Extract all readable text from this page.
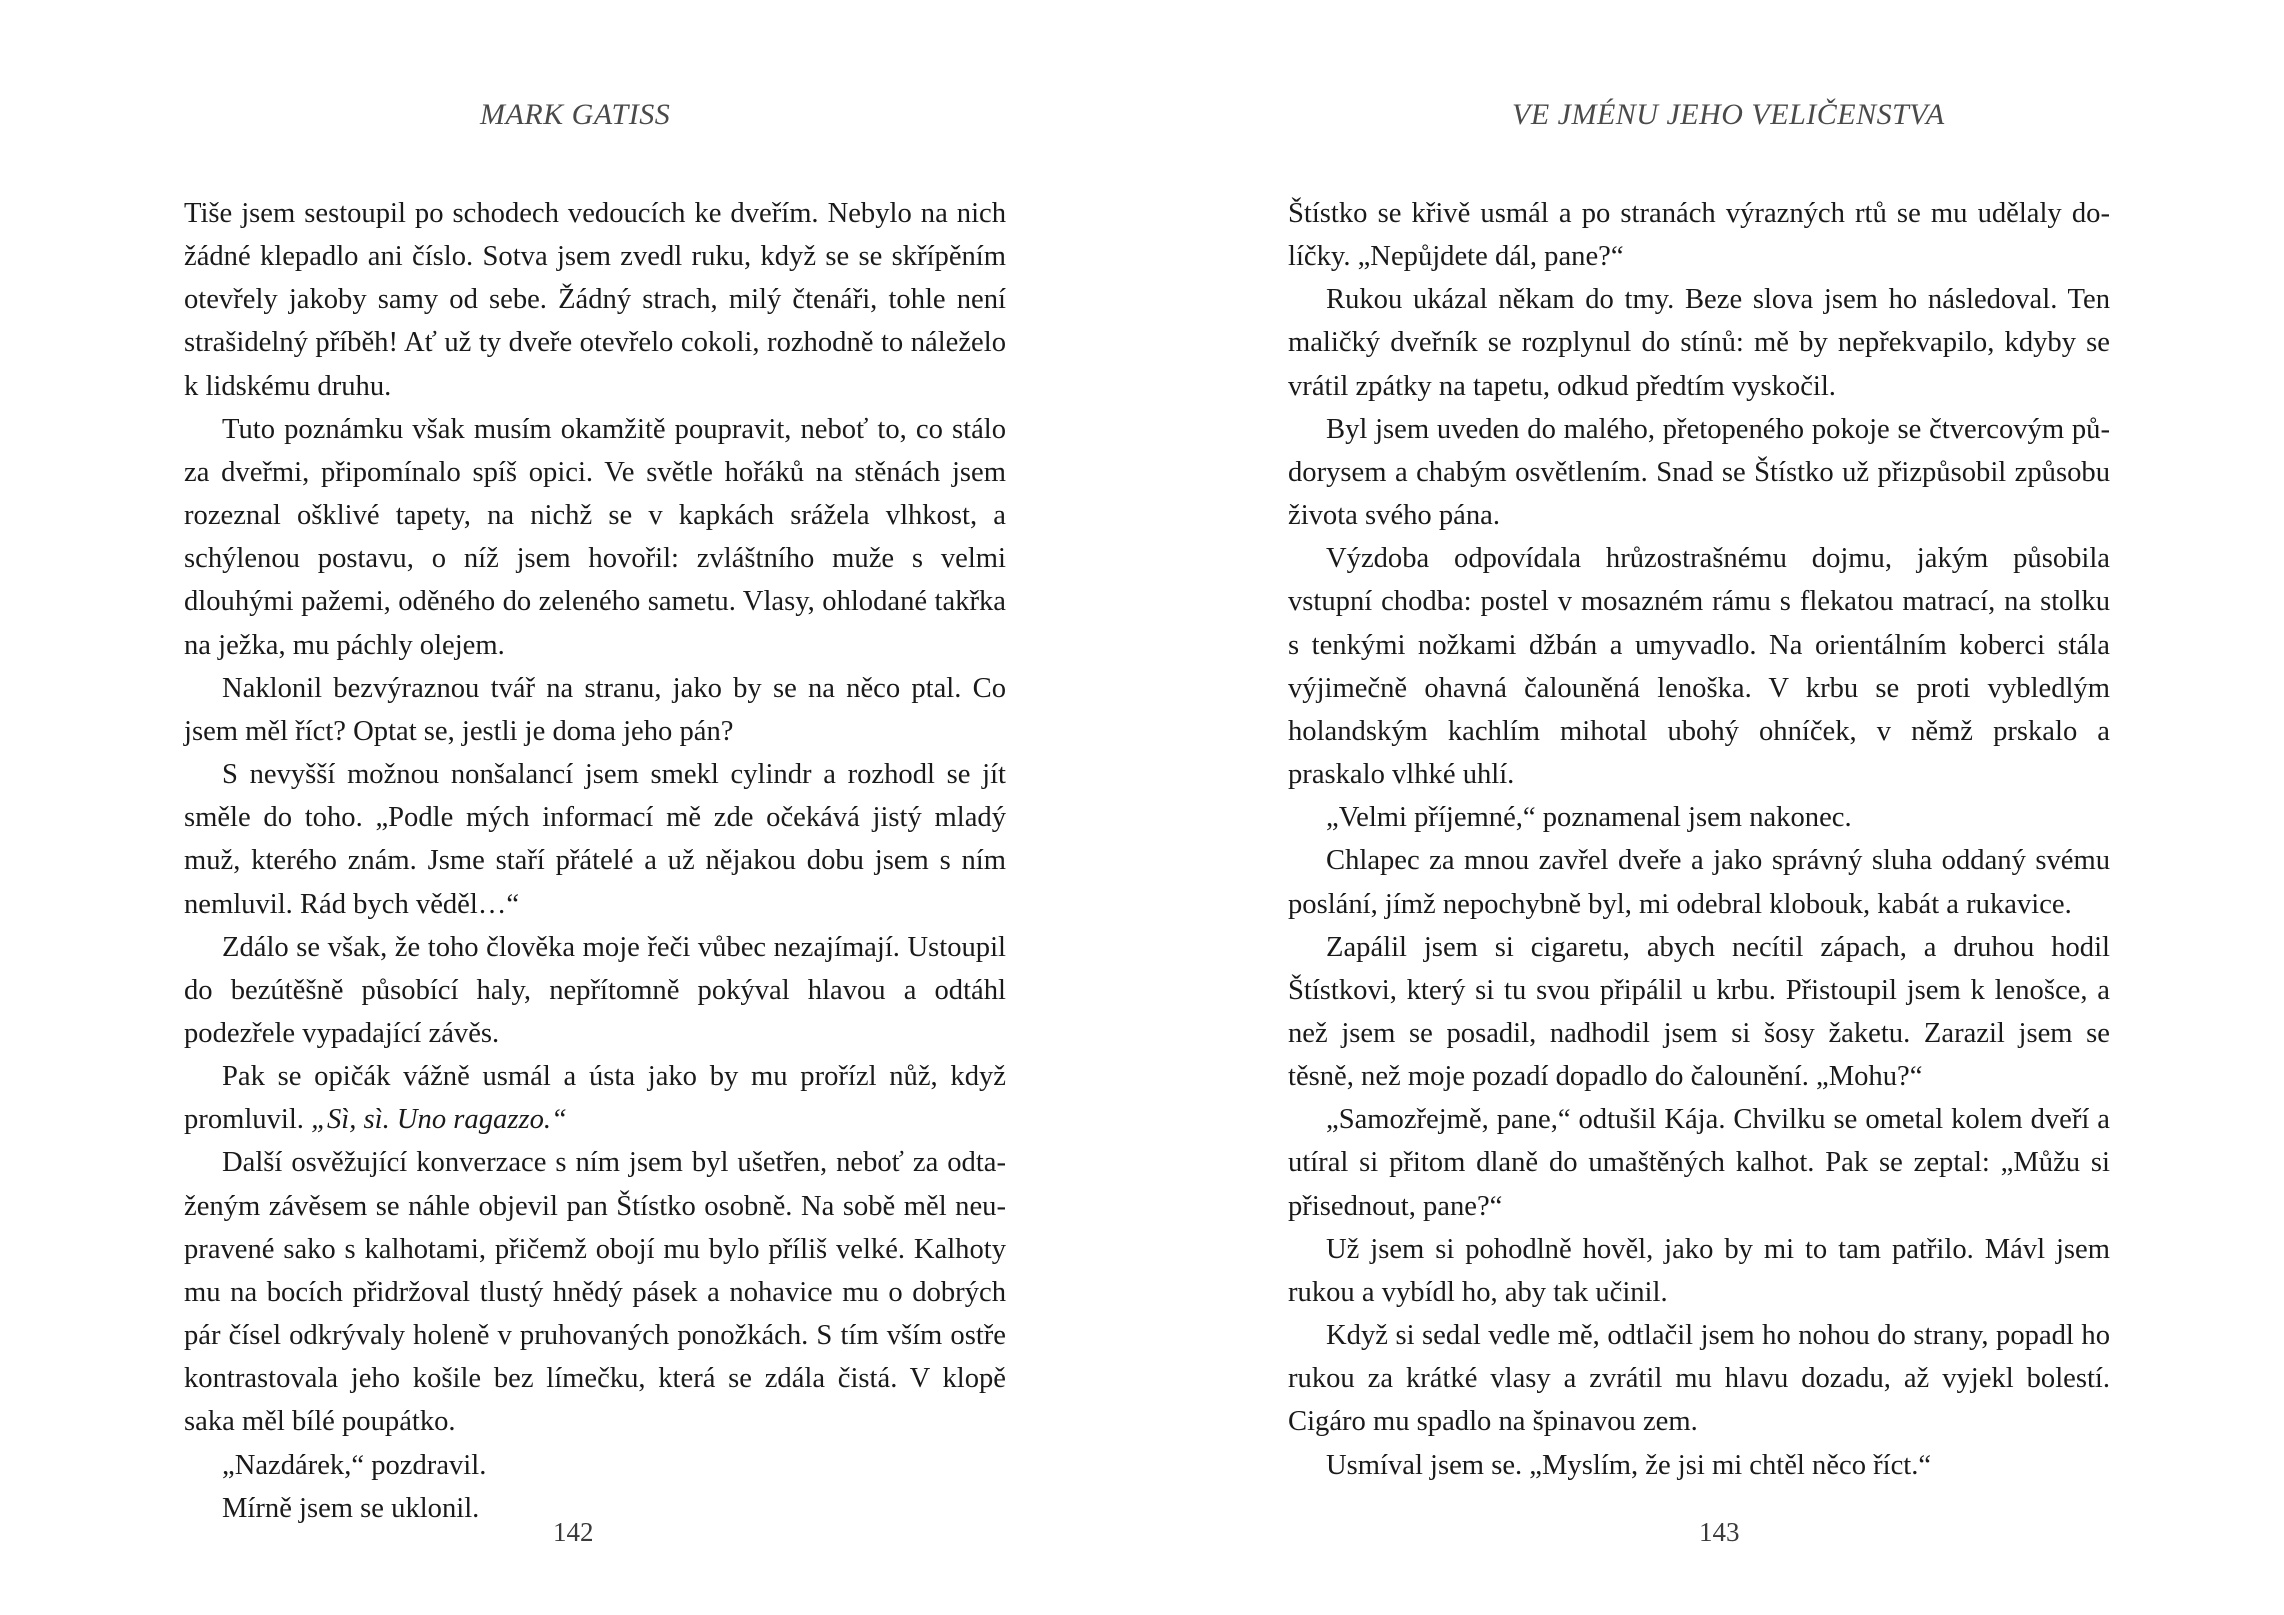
MARK GATISS

Tiše jsem sestoupil po schodech vedoucích ke dveřím. Nebylo na nich žádné klepadlo ani číslo. Sotva jsem zvedl ruku, když se se skřípěním otevřely jakoby samy od sebe. Žádný strach, milý čtenáři, tohle není strašidelný příběh! Ať už ty dveře otevřelo cokoli, rozhodně to náleželo k lidskému druhu.

Tuto poznámku však musím okamžitě poupravit, neboť to, co stálo za dveřmi, připomínalo spíš opici. Ve světle hořáků na stěnách jsem rozeznal ošklivé tapety, na nichž se v kapkách srážela vlhkost, a schýlenou postavu, o níž jsem hovořil: zvláštního muže s velmi dlouhými pažemi, oděného do zeleného sametu. Vlasy, ohlodané takřka na ježka, mu páchly olejem.

Naklonil bezvýraznou tvář na stranu, jako by se na něco ptal. Co jsem měl říct? Optat se, jestli je doma jeho pán?

S nevyšší možnou nonšalancí jsem smekl cylindr a rozhodl se jít směle do toho. „Podle mých informací mě zde očekává jistý mladý muž, kterého znám. Jsme staří přátelé a už nějakou dobu jsem s ním nemluvil. Rád bych věděl…“

Zdálo se však, že toho člověka moje řeči vůbec nezajímají. Ustoupil do bezútěšně působící haly, nepřítomně pokýval hlavou a odtáhl podezřele vypadající závěs.

Pak se opičák vážně usmál a ústa jako by mu prořízl nůž, když promluvil. „Sì, sì. Uno ragazzo.“

Další osvěžující konverzace s ním jsem byl ušetřen, neboť za odtaženým závěsem se náhle objevil pan Štístko osobně. Na sobě měl neupravené sako s kalhotami, přičemž obojí mu bylo příliš velké. Kalhoty mu na bocích přidržoval tlustý hnědý pásek a nohavice mu o dobrých pár čísel odkrývaly holeně v pruhovaných ponožkách. S tím vším ostře kontrastovala jeho košile bez límečku, která se zdála čistá. V klopě saka měl bílé poupátko.

„Nazdárek,“ pozdravil.

Mírně jsem se uklonil.

142
VE JMÉNU JEHO VELIČENSTVA

Štístko se křivě usmál a po stranách výrazných rtů se mu udělaly dolíčky. „Nepůjdete dál, pane?“

Rukou ukázal někam do tmy. Beze slova jsem ho následoval. Ten maličký dveřník se rozplynul do stínů: mě by nepřekvapilo, kdyby se vrátil zpátky na tapetu, odkud předtím vyskočil.

Byl jsem uveden do malého, přetopeného pokoje se čtvercovým půdorysem a chabým osvětlením. Snad se Štístko už přizpůsobil způsobu života svého pána.

Výzdoba odpovídala hrůzostrašnému dojmu, jakým působila vstupní chodba: postel v mosazném rámu s flekatou matrací, na stolku s tenkými nožkami džbán a umyvadlo. Na orientálním koberci stála výjimečně ohavná čalouněná lenoška. V krbu se proti vybledlým holandským kachlím mihotal ubohý ohníček, v němž prskalo a praskalo vlhké uhlí.

„Velmi příjemné,“ poznamenal jsem nakonec.

Chlapec za mnou zavřel dveře a jako správný sluha oddaný svému poslání, jímž nepochybně byl, mi odebral klobouk, kabát a rukavice.

Zapálil jsem si cigaretu, abych necítil zápach, a druhou hodil Štístkovi, který si tu svou připálil u krbu. Přistoupil jsem k lenošce, a než jsem se posadil, nadhodil jsem si šosy žaketu. Zarazil jsem se těsně, než moje pozadí dopadlo do čalounění. „Mohu?“

„Samozřejmě, pane,“ odtušil Kája. Chvilku se ometal kolem dveří a utíral si přitom dlaně do umaštěných kalhot. Pak se zeptal: „Můžu si přisednout, pane?“

Už jsem si pohodlně hověl, jako by mi to tam patřilo. Mávl jsem rukou a vybídl ho, aby tak učinil.

Když si sedal vedle mě, odtlačil jsem ho nohou do strany, popadl ho rukou za krátké vlasy a zvrátil mu hlavu dozadu, až vyjekl bolestí. Cigáro mu spadlo na špinavou zem.

Usmíval jsem se. „Myslím, že jsi mi chtěl něco říct.“

143
